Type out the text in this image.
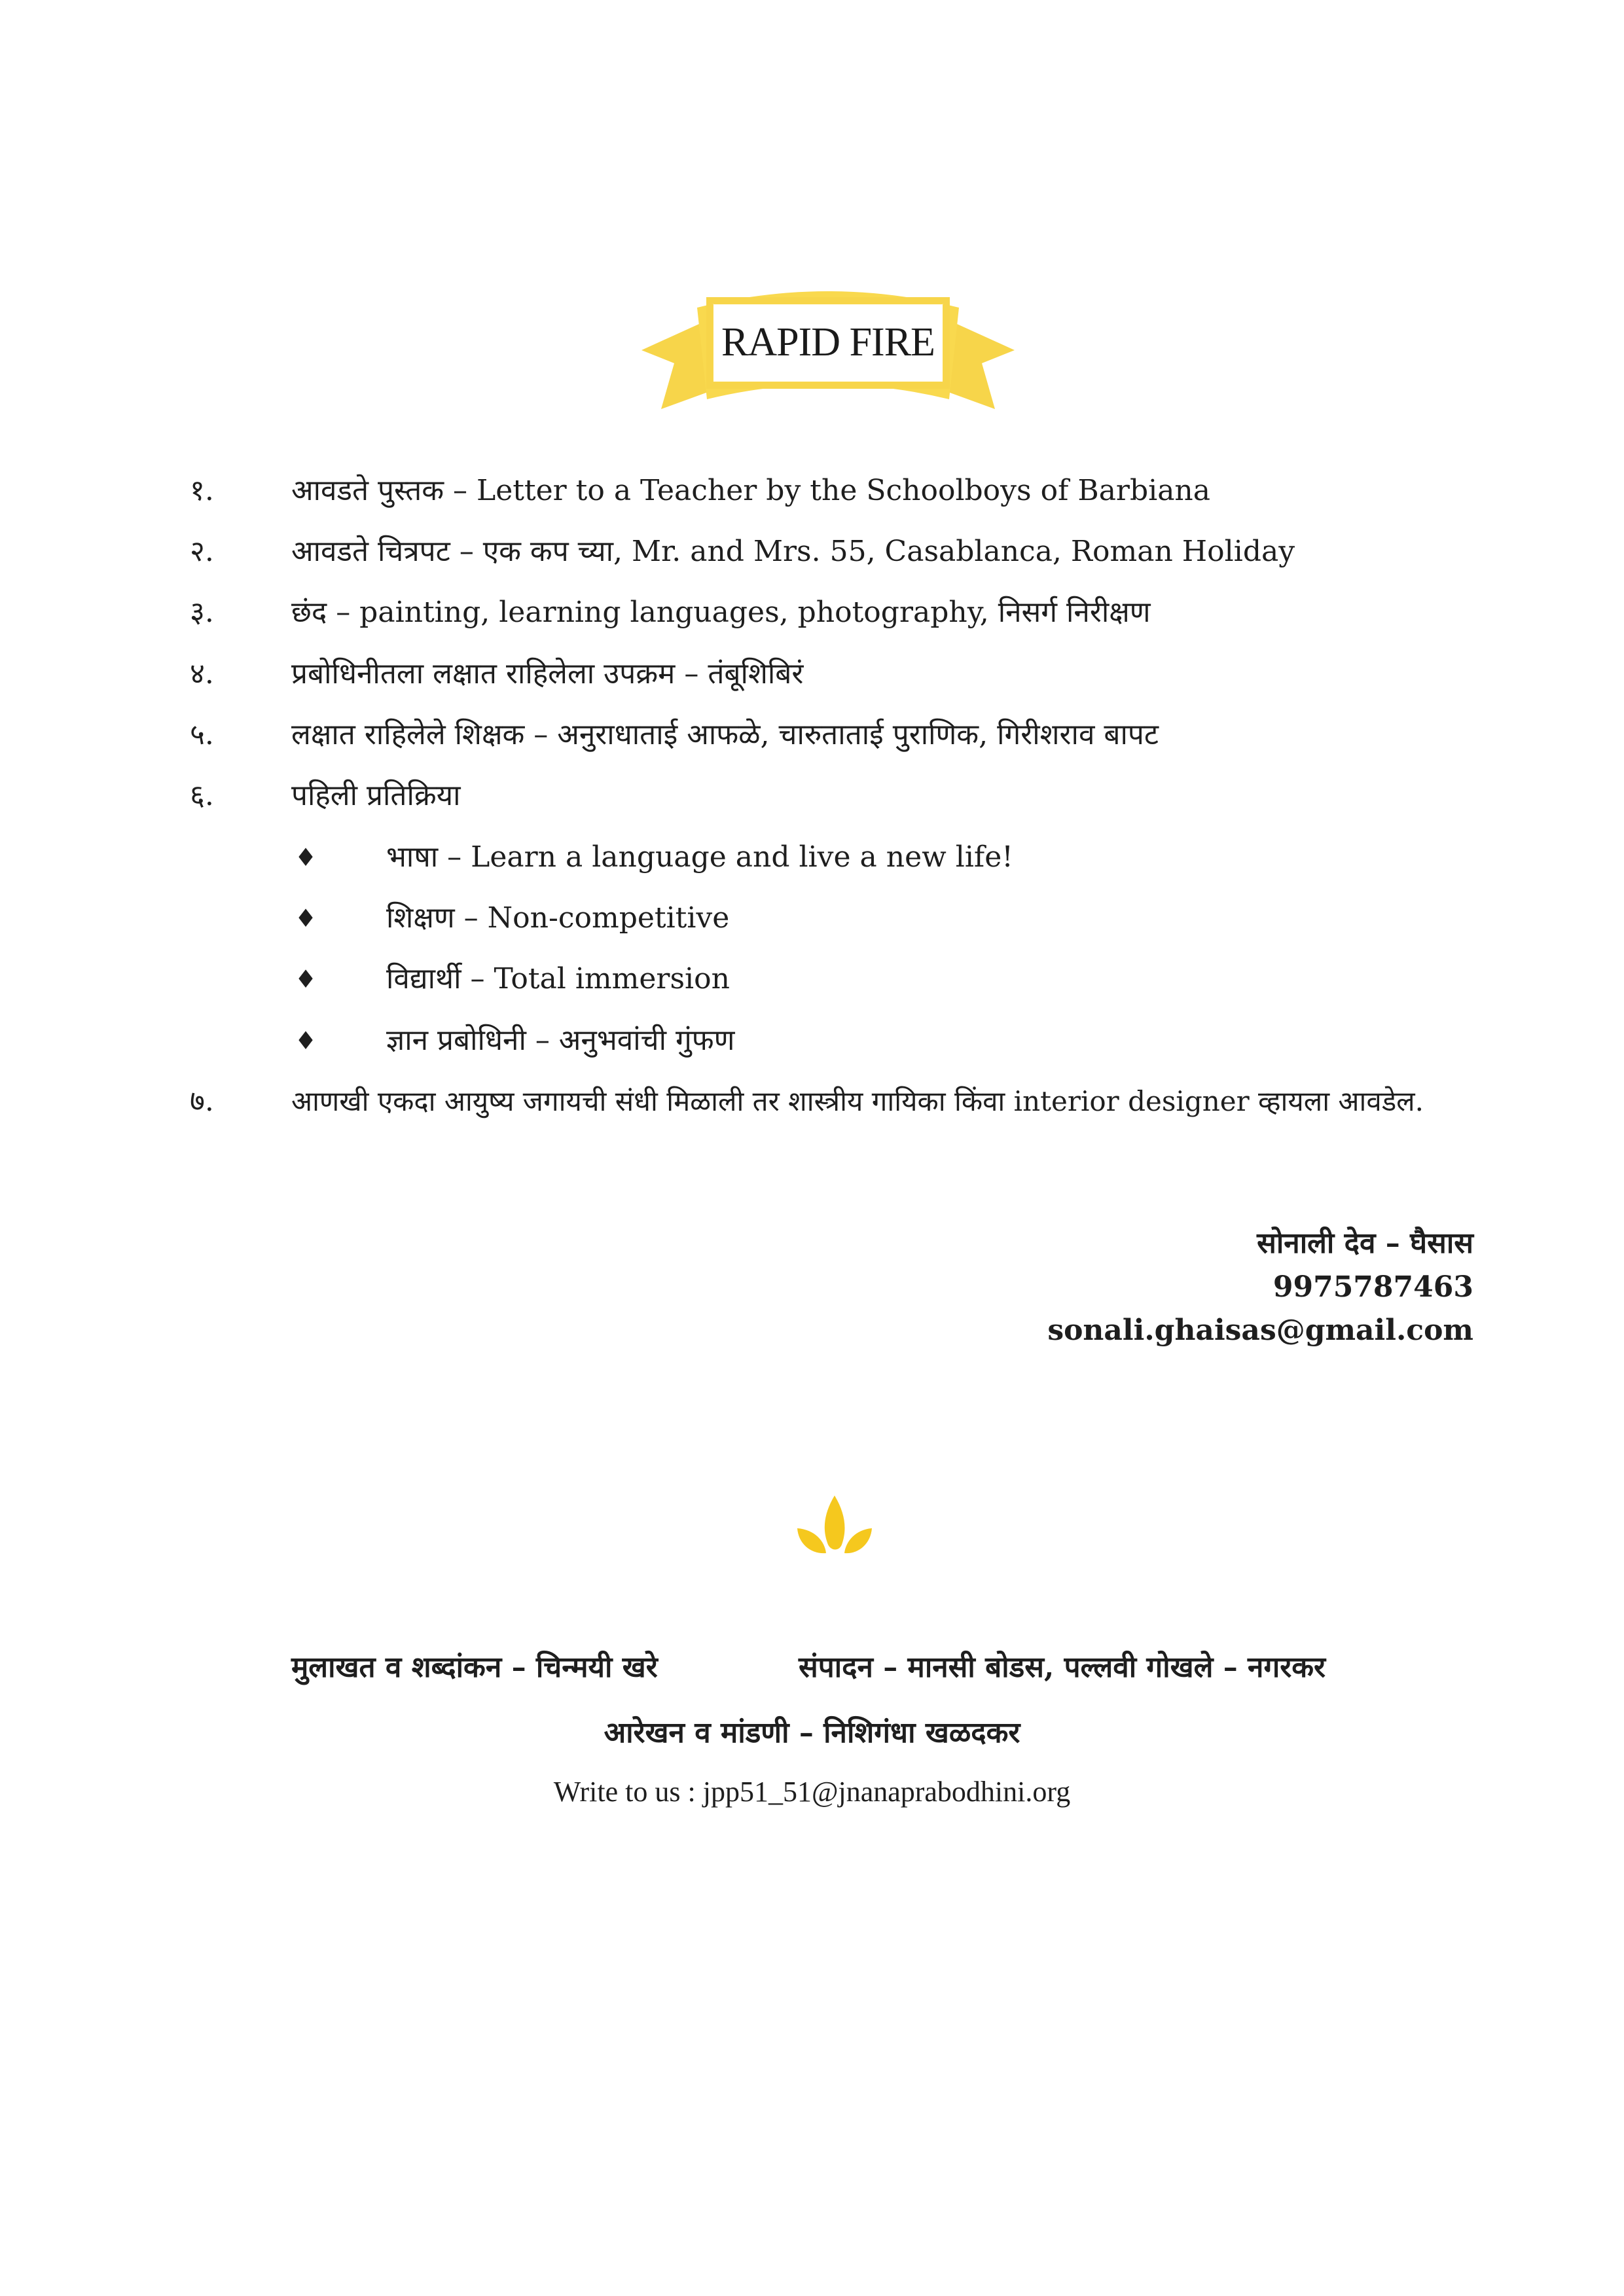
RAPID FIRE
१.	आवडते पुस्तक – Letter to a Teacher by the Schoolboys of Barbiana
२.	आवडते चित्रपट – एक कप च्या, Mr. and Mrs. 55, Casablanca, Roman Holiday
३.	छंद – painting, learning languages, photography, निसर्ग निरीक्षण
४.	प्रबोधिनीतला लक्षात राहिलेला उपक्रम – तंबूशिबिरं
५.	लक्षात राहिलेले शिक्षक – अनुराधाताई आफळे, चारुताताई पुराणिक, गिरीशराव बापट
६.	पहिली प्रतिक्रिया
♦ भाषा – Learn a language and live a new life!
♦ शिक्षण – Non-competitive
♦ विद्यार्थी – Total immersion
♦ ज्ञान प्रबोधिनी – अनुभवांची गुंफण
७.	आणखी एकदा आयुष्य जगायची संधी मिळाली तर शास्त्रीय गायिका किंवा interior designer व्हायला आवडेल.
सोनाली देव – घैसास
9975787463
sonali.ghaisas@gmail.com
मुलाखत व शब्दांकन – चिन्मयी खरे	संपादन – मानसी बोडस, पल्लवी गोखले – नगरकर
आरेखन व मांडणी – निशिगंधा खळदकर
Write to us : jpp51_51@jnanaprabodhini.org
